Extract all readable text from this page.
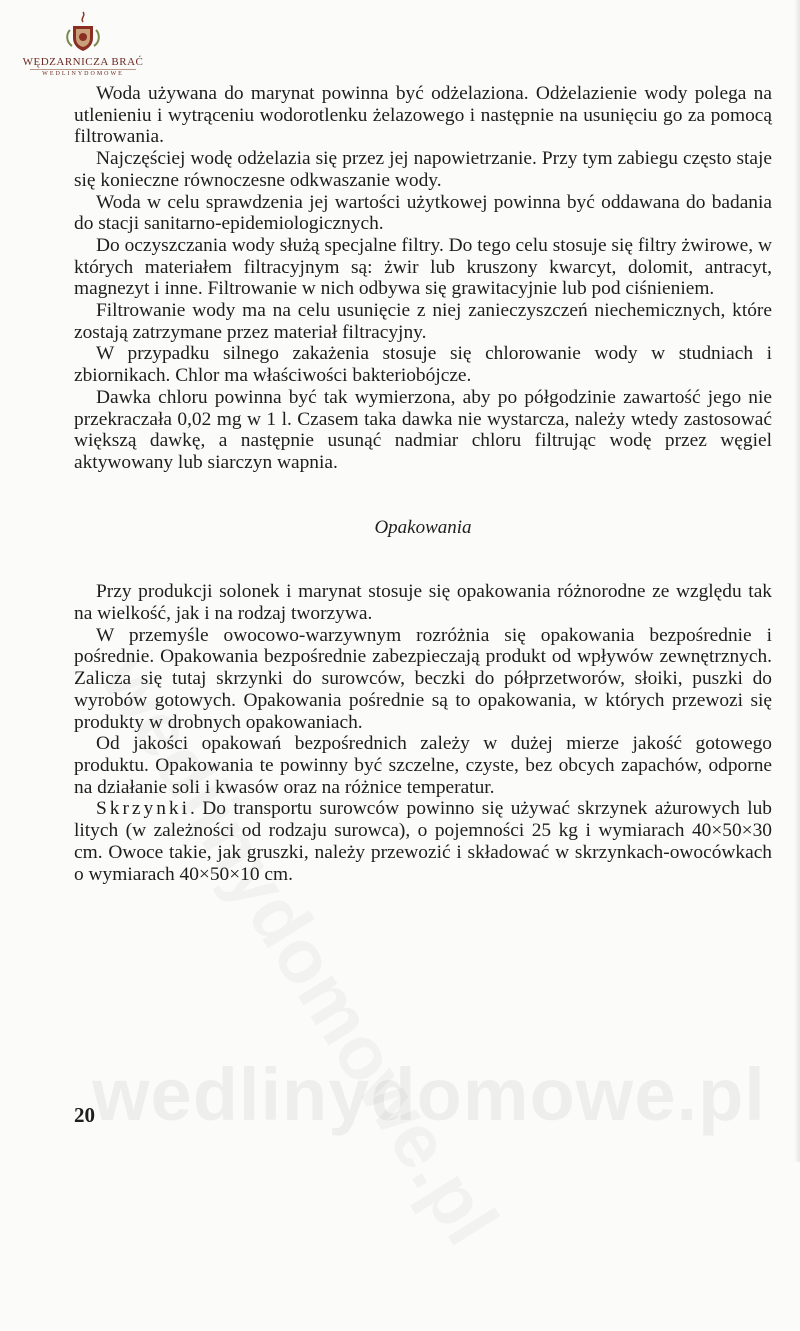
WĘDZARNICZA BRAĆ
WEDLINYDOMOWE

Woda używana do marynat powinna być odżelaziona. Odżelazienie wody polega na utlenieniu i wytrąceniu wodorotlenku żelazowego i następnie na usunięciu go za pomocą filtrowania.

Najczęściej wodę odżelazia się przez jej napowietrzanie. Przy tym zabiegu często staje się konieczne równoczesne odkwaszanie wody.

Woda w celu sprawdzenia jej wartości użytkowej powinna być oddawana do badania do stacji sanitarno-epidemiologicznych.

Do oczyszczania wody służą specjalne filtry. Do tego celu stosuje się filtry żwirowe, w których materiałem filtracyjnym są: żwir lub kruszony kwarcyt, dolomit, antracyt, magnezyt i inne. Filtrowanie w nich odbywa się grawitacyjnie lub pod ciśnieniem.

Filtrowanie wody ma na celu usunięcie z niej zanieczyszczeń niechemicznych, które zostają zatrzymane przez materiał filtracyjny.

W przypadku silnego zakażenia stosuje się chlorowanie wody w studniach i zbiornikach. Chlor ma właściwości bakteriobójcze.

Dawka chloru powinna być tak wymierzona, aby po półgodzinie zawartość jego nie przekraczała 0,02 mg w 1 l. Czasem taka dawka nie wystarcza, należy wtedy zastosować większą dawkę, a następnie usunąć nadmiar chloru filtrując wodę przez węgiel aktywowany lub siarczyn wapnia.

Opakowania

Przy produkcji solonek i marynat stosuje się opakowania różnorodne ze względu tak na wielkość, jak i na rodzaj tworzywa.

W przemyśle owocowo-warzywnym rozróżnia się opakowania bezpośrednie i pośrednie. Opakowania bezpośrednie zabezpieczają produkt od wpływów zewnętrznych. Zalicza się tutaj skrzynki do surowców, beczki do półprzetworów, słoiki, puszki do wyrobów gotowych. Opakowania pośrednie są to opakowania, w których przewozi się produkty w drobnych opakowaniach.

Od jakości opakowań bezpośrednich zależy w dużej mierze jakość gotowego produktu. Opakowania te powinny być szczelne, czyste, bez obcych zapachów, odporne na działanie soli i kwasów oraz na różnice temperatur.

Skrzynki. Do transportu surowców powinno się używać skrzynek ażurowych lub litych (w zależności od rodzaju surowca), o pojemności 25 kg i wymiarach 40×50×30 cm. Owoce takie, jak gruszki, należy przewozić i składować w skrzynkach-owocówkach o wymiarach 40×50×10 cm.

wedlinydomowe.pl
20
